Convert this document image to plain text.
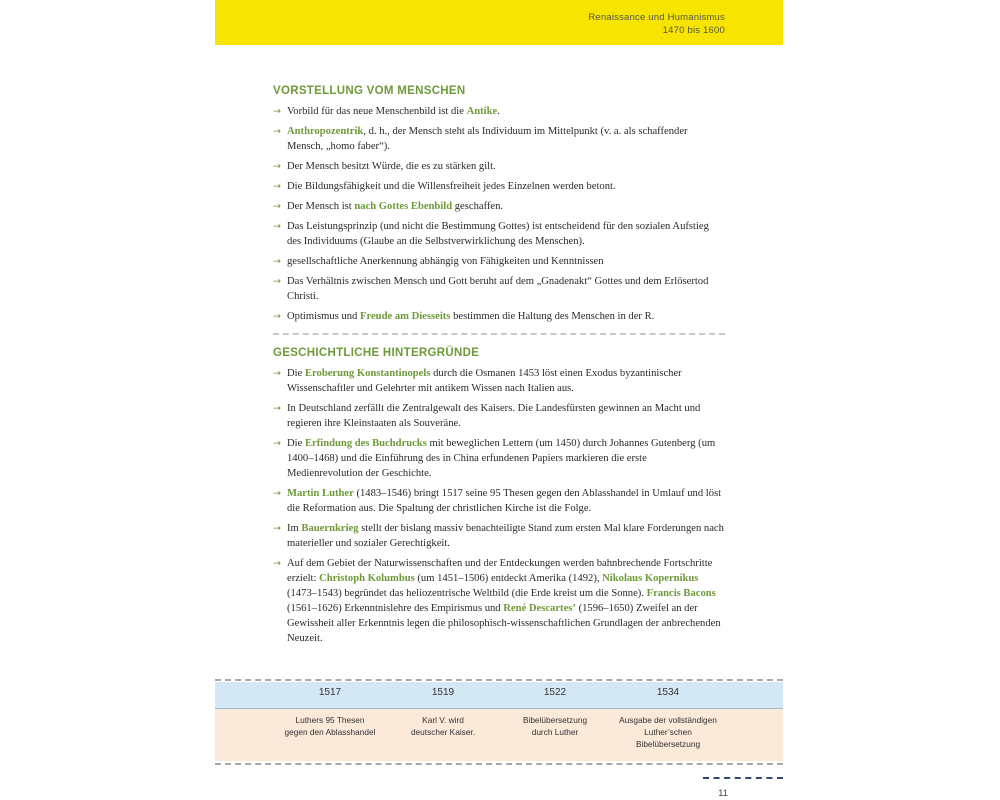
Renaissance und Humanismus
1470 bis 1600
VORSTELLUNG VOM MENSCHEN
→ Vorbild für das neue Menschenbild ist die Antike.
→ Anthropozentrik, d. h., der Mensch steht als Individuum im Mittelpunkt (v. a. als schaffender Mensch, „homo faber“).
→ Der Mensch besitzt Würde, die es zu stärken gilt.
→ Die Bildungsfähigkeit und die Willensfreiheit jedes Einzelnen werden betont.
→ Der Mensch ist nach Gottes Ebenbild geschaffen.
→ Das Leistungsprinzip (und nicht die Bestimmung Gottes) ist entscheidend für den sozialen Aufstieg des Individuums (Glaube an die Selbstverwirklichung des Menschen).
→ gesellschaftliche Anerkennung abhängig von Fähigkeiten und Kenntnissen
→ Das Verhältnis zwischen Mensch und Gott beruht auf dem „Gnadenakt“ Gottes und dem Erlösertod Christi.
→ Optimismus und Freude am Diesseits bestimmen die Haltung des Menschen in der R.
GESCHICHTLICHE HINTERGRÜNDE
→ Die Eroberung Konstantinopels durch die Osmanen 1453 löst einen Exodus byzantinischer Wissenschaftler und Gelehrter mit antikem Wissen nach Italien aus.
→ In Deutschland zerfällt die Zentralgewalt des Kaisers. Die Landesfürsten gewinnen an Macht und regieren ihre Kleinstaaten als Souveräne.
→ Die Erfindung des Buchdrucks mit beweglichen Lettern (um 1450) durch Johannes Gutenberg (um 1400–1468) und die Einführung des in China erfundenen Papiers markieren die erste Medienrevolution der Geschichte.
→ Martin Luther (1483–1546) bringt 1517 seine 95 Thesen gegen den Ablasshandel in Umlauf und löst die Reformation aus. Die Spaltung der christlichen Kirche ist die Folge.
→ Im Bauernkrieg stellt der bislang massiv benachteiligte Stand zum ersten Mal klare Forderungen nach materieller und sozialer Gerechtigkeit.
→ Auf dem Gebiet der Naturwissenschaften und der Entdeckungen werden bahnbrechende Fortschritte erzielt: Christoph Kolumbus (um 1451–1506) entdeckt Amerika (1492), Nikolaus Kopernikus (1473–1543) begründet das heliozentrische Weltbild (die Erde kreist um die Sonne). Francis Bacons (1561–1626) Erkenntnislehre des Empirismus und René Descartes’ (1596–1650) Zweifel an der Gewissheit aller Erkenntnis legen die philosophisch-wissenschaftlichen Grundlagen der anbrechenden Neuzeit.
1517
Luthers 95 Thesen
gegen den Ablasshandel
1519
Karl V. wird
deutscher Kaiser.
1522
Bibelübersetzung
durch Luther
1534
Ausgabe der vollständigen
Luther’schen
Bibelübersetzung
11
